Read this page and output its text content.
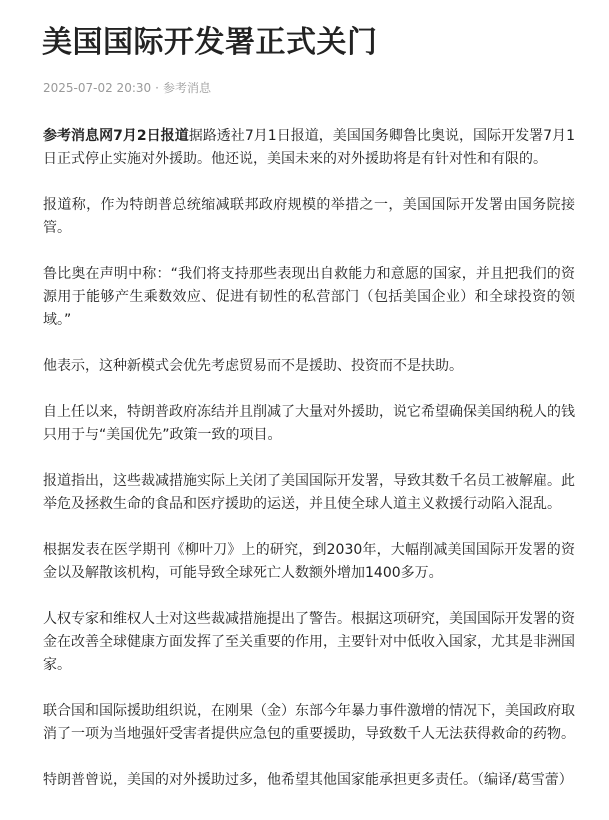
美国国际开发署正式关门
2025-07-02 20:30 · 参考消息

参考消息网7月2日报道据路透社7月1日报道，美国国务卿鲁比奥说，国际开发署7月1日正式停止实施对外援助。他还说，美国未来的对外援助将是有针对性和有限的。

报道称，作为特朗普总统缩减联邦政府规模的举措之一，美国国际开发署由国务院接管。

鲁比奥在声明中称：“我们将支持那些表现出自救能力和意愿的国家，并且把我们的资源用于能够产生乘数效应、促进有韧性的私营部门（包括美国企业）和全球投资的领域。”

他表示，这种新模式会优先考虑贸易而不是援助、投资而不是扶助。

自上任以来，特朗普政府冻结并且削减了大量对外援助，说它希望确保美国纳税人的钱只用于与“美国优先”政策一致的项目。

报道指出，这些裁减措施实际上关闭了美国国际开发署，导致其数千名员工被解雇。此举危及拯救生命的食品和医疗援助的运送，并且使全球人道主义救援行动陷入混乱。

根据发表在医学期刊《柳叶刀》上的研究，到2030年，大幅削减美国国际开发署的资金以及解散该机构，可能导致全球死亡人数额外增加1400多万。

人权专家和维权人士对这些裁减措施提出了警告。根据这项研究，美国国际开发署的资金在改善全球健康方面发挥了至关重要的作用，主要针对中低收入国家，尤其是非洲国家。

联合国和国际援助组织说，在刚果（金）东部今年暴力事件激增的情况下，美国政府取消了一项为当地强奸受害者提供应急包的重要援助，导致数千人无法获得救命的药物。

特朗普曾说，美国的对外援助过多，他希望其他国家能承担更多责任。（编译/葛雪蕾）
